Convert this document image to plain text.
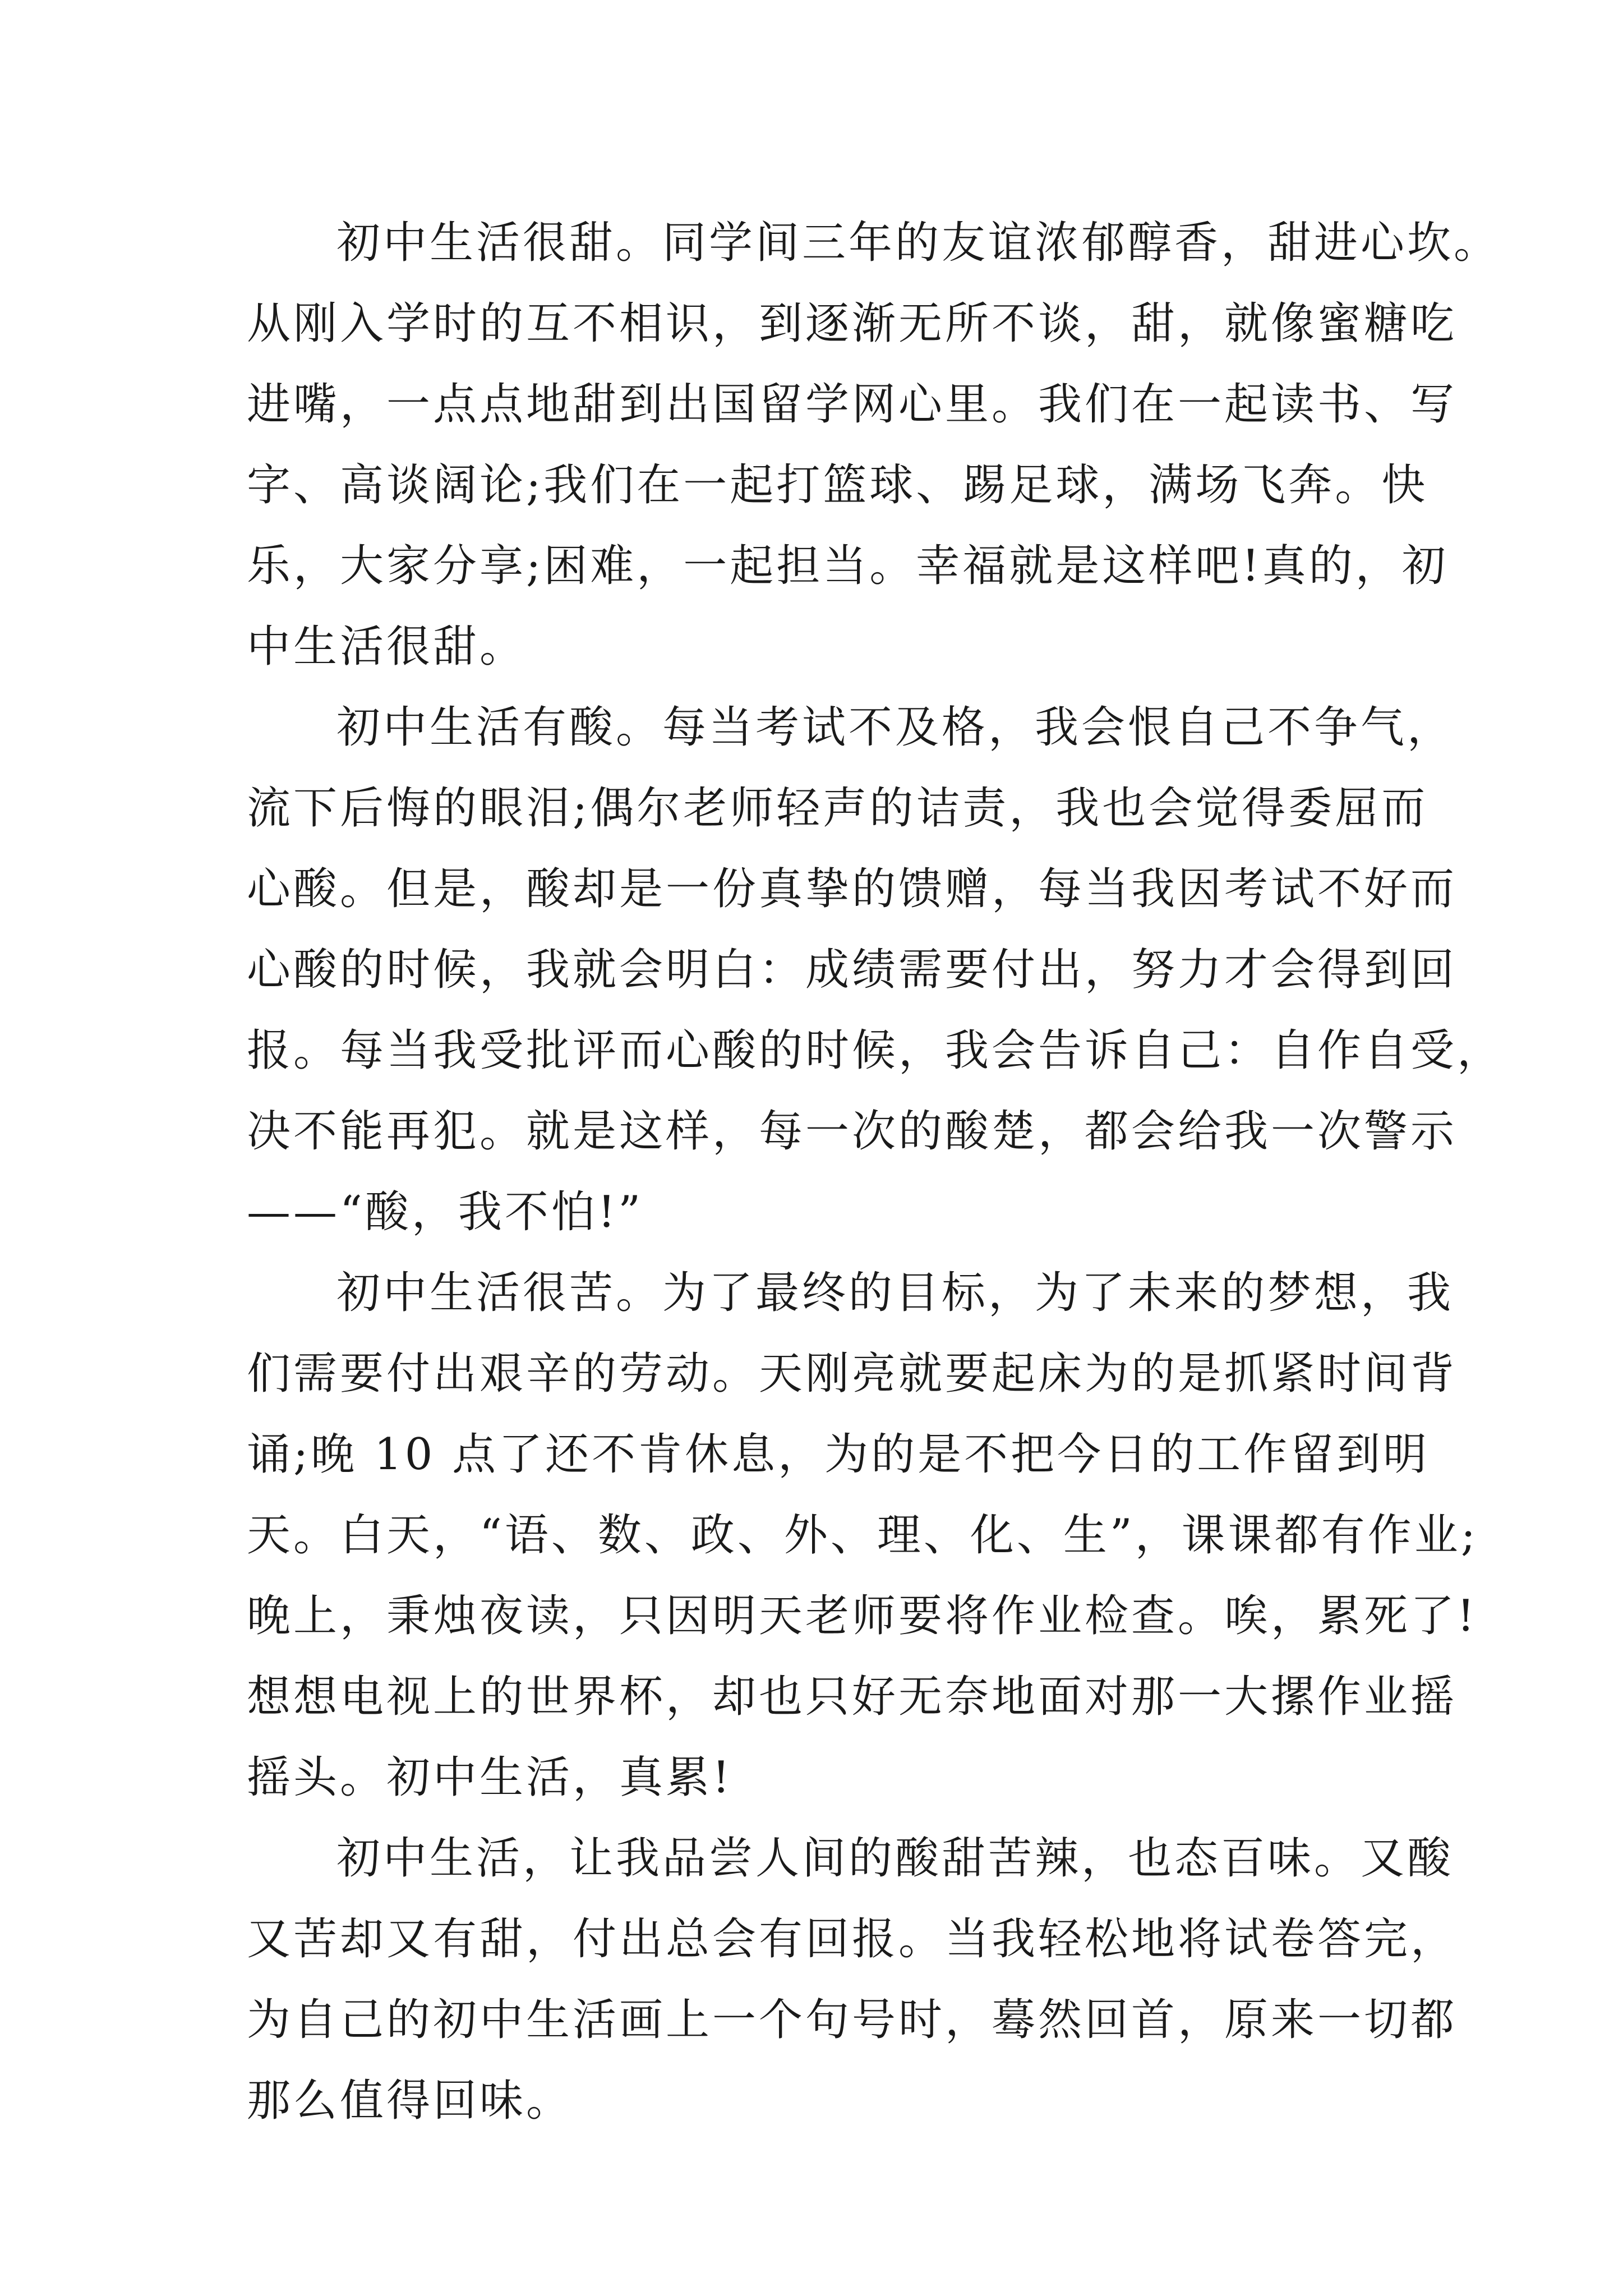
初中生活很甜。同学间三年的友谊浓郁醇香，甜进心坎。

从刚入学时的互不相识，到逐渐无所不谈，甜，就像蜜糖吃

进嘴，一点点地甜到出国留学网心里。我们在一起读书、写

字、高谈阔论;我们在一起打篮球、踢足球，满场飞奔。快

乐，大家分享;困难，一起担当。幸福就是这样吧!真的，初

中生活很甜。

初中生活有酸。每当考试不及格，我会恨自己不争气，

流下后悔的眼泪;偶尔老师轻声的诘责，我也会觉得委屈而

心酸。但是，酸却是一份真挚的馈赠，每当我因考试不好而

心酸的时候，我就会明白：成绩需要付出，努力才会得到回

报。每当我受批评而心酸的时候，我会告诉自己：自作自受，

决不能再犯。就是这样，每一次的酸楚，都会给我一次警示

——“酸，我不怕!”

初中生活很苦。为了最终的目标，为了未来的梦想，我

们需要付出艰辛的劳动。天刚亮就要起床为的是抓紧时间背

诵;晚 10 点了还不肯休息，为的是不把今日的工作留到明

天。白天，“语、数、政、外、理、化、生”，课课都有作业;

晚上，秉烛夜读，只因明天老师要将作业检查。唉，累死了!

想想电视上的世界杯，却也只好无奈地面对那一大摞作业摇

摇头。初中生活，真累!

初中生活，让我品尝人间的酸甜苦辣，也态百味。又酸

又苦却又有甜，付出总会有回报。当我轻松地将试卷答完，

为自己的初中生活画上一个句号时，蓦然回首，原来一切都

那么值得回味。
